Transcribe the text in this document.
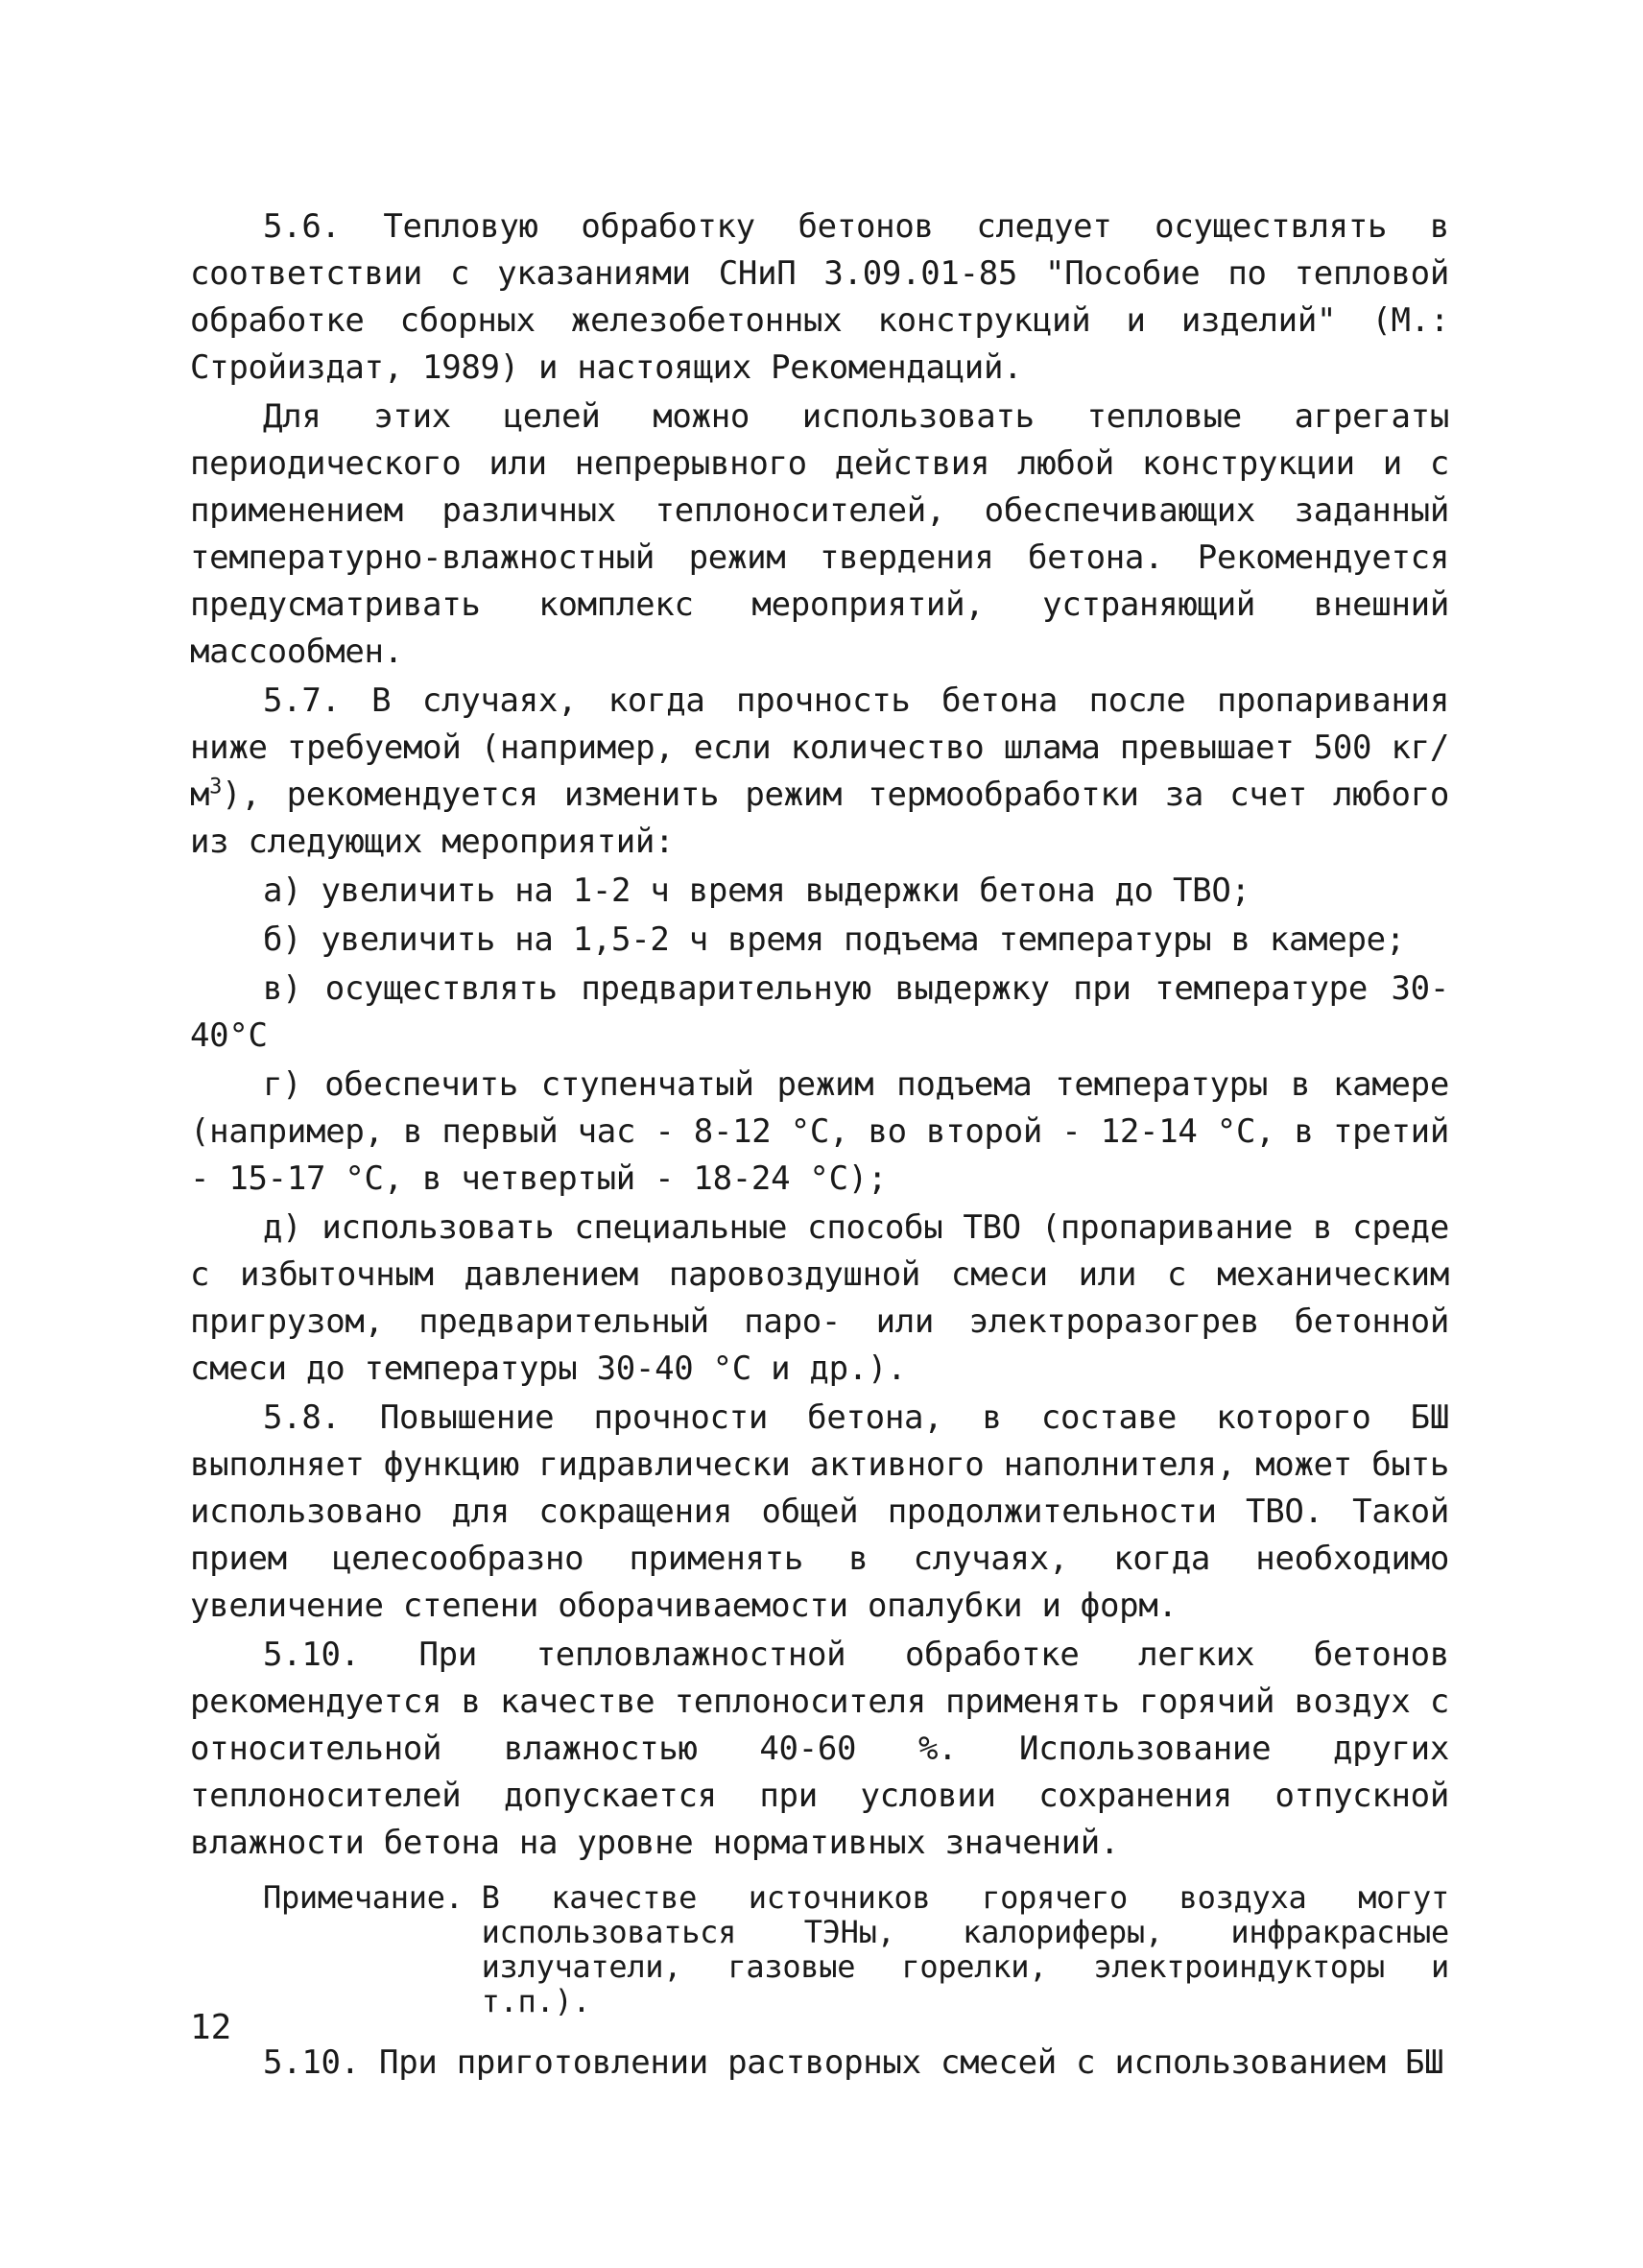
5.6. Тепловую обработку бетонов следует осуществлять в соответствии с указаниями СНиП 3.09.01-85 "Пособие по тепловой обработке сборных железобетонных конструкций и изделий" (М.: Стройиздат, 1989) и настоящих Рекомендаций.

Для этих целей можно использовать тепловые агрегаты периодического или непрерывного действия любой конструкции и с применением различных теплоносителей, обеспечивающих заданный температурно-влажностный режим твердения бетона. Рекомендуется предусматривать комплекс мероприятий, устраняющий внешний массообмен.

5.7. В случаях, когда прочность бетона после пропаривания ниже требуемой (например, если количество шлама превышает 500 $кг/м^3$), рекомендуется изменить режим термообработки за счет любого из следующих мероприятий:

а) увеличить на 1-2 ч время выдержки бетона до ТВО;

б) увеличить на 1,5-2 ч время подъема температуры в камере;

в) осуществлять предварительную выдержку при температуре 30-40°С

г) обеспечить ступенчатый режим подъема температуры в камере (например, в первый час - 8-12 °С, во второй - 12-14 °С, в третий - 15-17 °С, в четвертый - 18-24 °С);

д) использовать специальные способы ТВО (пропаривание в среде с избыточным давлением паровоздушной смеси или с механическим пригрузом, предварительный паро- или электроразогрев бетонной смеси до температуры 30-40 °С и др.).

5.8. Повышение прочности бетона, в составе которого БШ выполняет функцию гидравлически активного наполнителя, может быть использовано для сокращения общей продолжительности ТВО. Такой прием целесообразно применять в случаях, когда необходимо увеличение степени оборачиваемости опалубки и форм.

5.10. При тепловлажностной обработке легких бетонов рекомендуется в качестве теплоносителя применять горячий воздух с относительной влажностью 40-60 %. Использование других теплоносителей допускается при условии сохранения отпускной влажности бетона на уровне нормативных значений.

Примечание. В качестве источников горячего воздуха могут использоваться ТЭНы, калориферы, инфракрасные излучатели, газовые горелки, электроиндукторы и т.п.).

5.10. При приготовлении растворных смесей с использованием БШ

12
